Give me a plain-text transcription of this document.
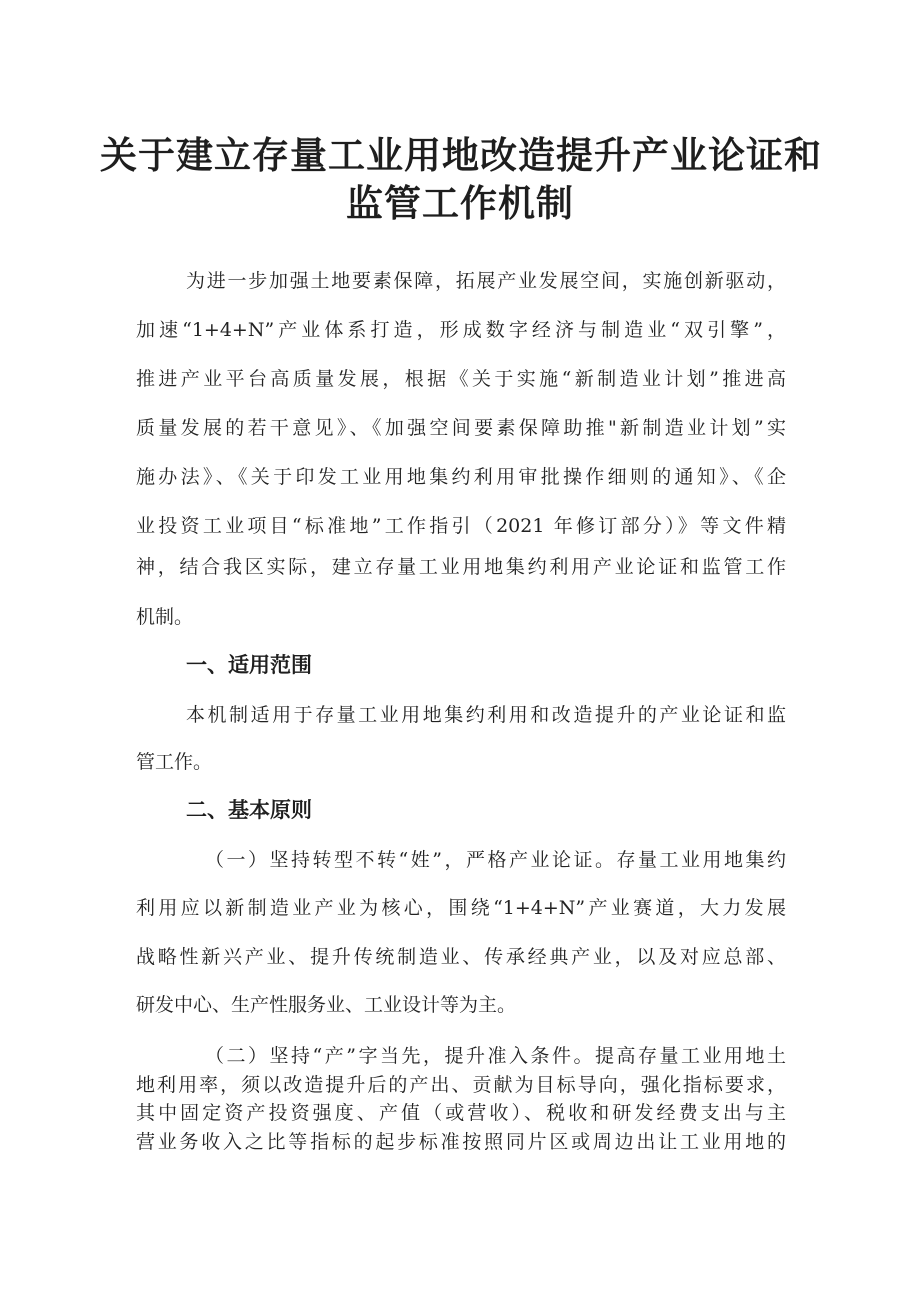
关于建立存量工业用地改造提升产业论证和
监管工作机制

为进一步加强土地要素保障，拓展产业发展空间，实施创新驱动，

加速“1+4+N”产业体系打造，形成数字经济与制造业“双引擎”，

推进产业平台高质量发展，根据《关于实施“新制造业计划”推进高

质量发展的若干意见》、《加强空间要素保障助推"新制造业计划”实

施办法》、《关于印发工业用地集约利用审批操作细则的通知》、《企

业投资工业项目“标准地”工作指引（2021 年修订部分）》等文件精

神，结合我区实际，建立存量工业用地集约利用产业论证和监管工作

机制。

一、适用范围

本机制适用于存量工业用地集约利用和改造提升的产业论证和监

管工作。

二、基本原则

（一）坚持转型不转“姓”，严格产业论证。存量工业用地集约

利用应以新制造业产业为核心，围绕“1+4+N”产业赛道，大力发展

战略性新兴产业、提升传统制造业、传承经典产业，以及对应总部、

研发中心、生产性服务业、工业设计等为主。

（二）坚持“产”字当先，提升准入条件。提高存量工业用地土

地利用率，须以改造提升后的产出、贡献为目标导向，强化指标要求，

其中固定资产投资强度、产值（或营收）、税收和研发经费支出与主

营业务收入之比等指标的起步标准按照同片区或周边出让工业用地的
